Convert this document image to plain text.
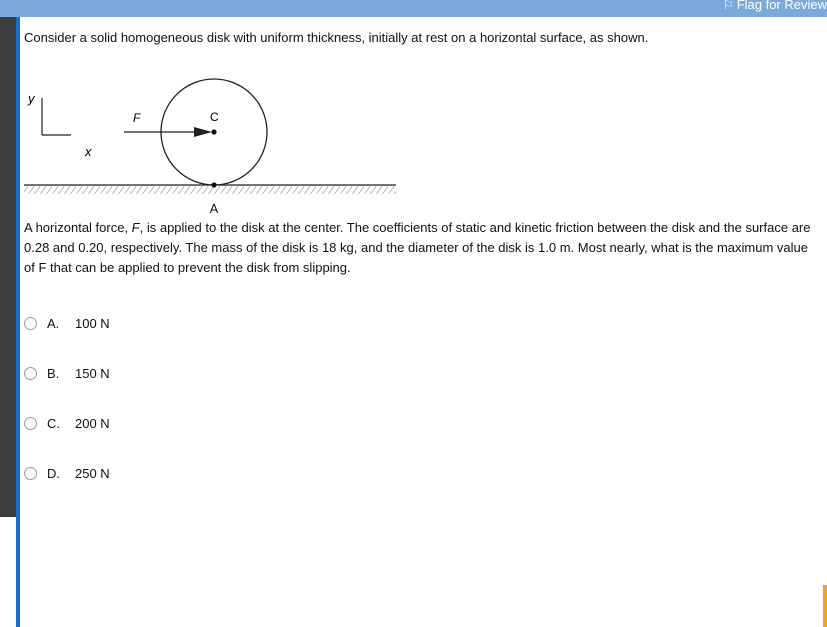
⚐ Flag for Review
Consider a solid homogeneous disk with uniform thickness, initially at rest on a horizontal surface, as shown.
y
x
C
F
A
A horizontal force, F, is applied to the disk at the center. The coefficients of static and kinetic friction between the disk and the surface are 0.28 and 0.20, respectively. The mass of the disk is 18 kg, and the diameter of the disk is 1.0 m. Most nearly, what is the maximum value of F that can be applied to prevent the disk from slipping.
A.	100 N
B.	150 N
C.	200 N
D.	250 N
